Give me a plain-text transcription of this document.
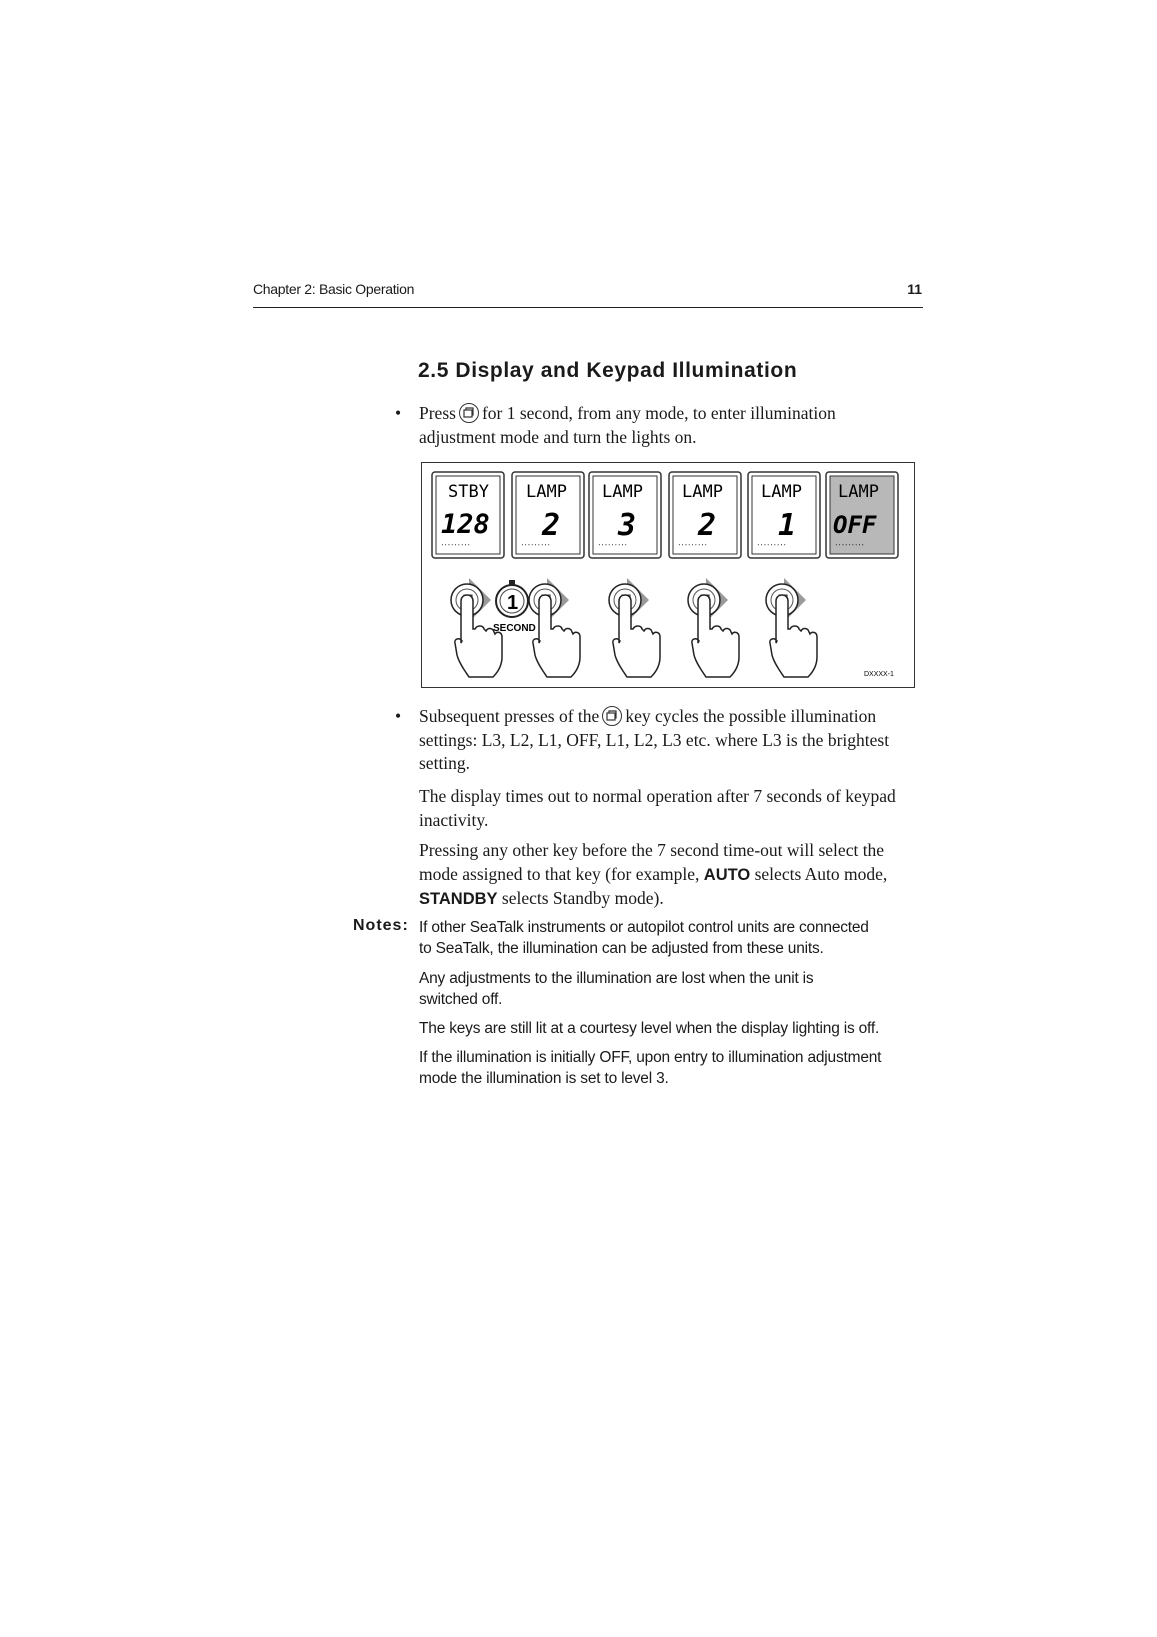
Chapter 2: Basic Operation	11
2.5 Display and Keypad Illumination
• Press for 1 second, from any mode, to enter illumination
adjustment mode and turn the lights on.
STBY
128
ᐧᐧᐧᐧᐧᐧᐧᐧᐧ
LAMP
2
ᐧᐧᐧᐧᐧᐧᐧᐧᐧ
LAMP
3
ᐧᐧᐧᐧᐧᐧᐧᐧᐧ
LAMP
2
ᐧᐧᐧᐧᐧᐧᐧᐧᐧ
LAMP
1
ᐧᐧᐧᐧᐧᐧᐧᐧᐧ
LAMP
OFF
ᐧᐧᐧᐧᐧᐧᐧᐧᐧ
1
SECOND
DXXXX-1
• Subsequent presses of the key cycles the possible illumination
settings: L3, L2, L1, OFF, L1, L2, L3 etc. where L3 is the brightest
setting.
The display times out to normal operation after 7 seconds of keypad
inactivity.
Pressing any other key before the 7 second time-out will select the
mode assigned to that key (for example, AUTO selects Auto mode,
STANDBY selects Standby mode).
Notes: If other SeaTalk instruments or autopilot control units are connected
to SeaTalk, the illumination can be adjusted from these units.
Any adjustments to the illumination are lost when the unit is
switched off.
The keys are still lit at a courtesy level when the display lighting is off.
If the illumination is initially OFF, upon entry to illumination adjustment
mode the illumination is set to level 3.
